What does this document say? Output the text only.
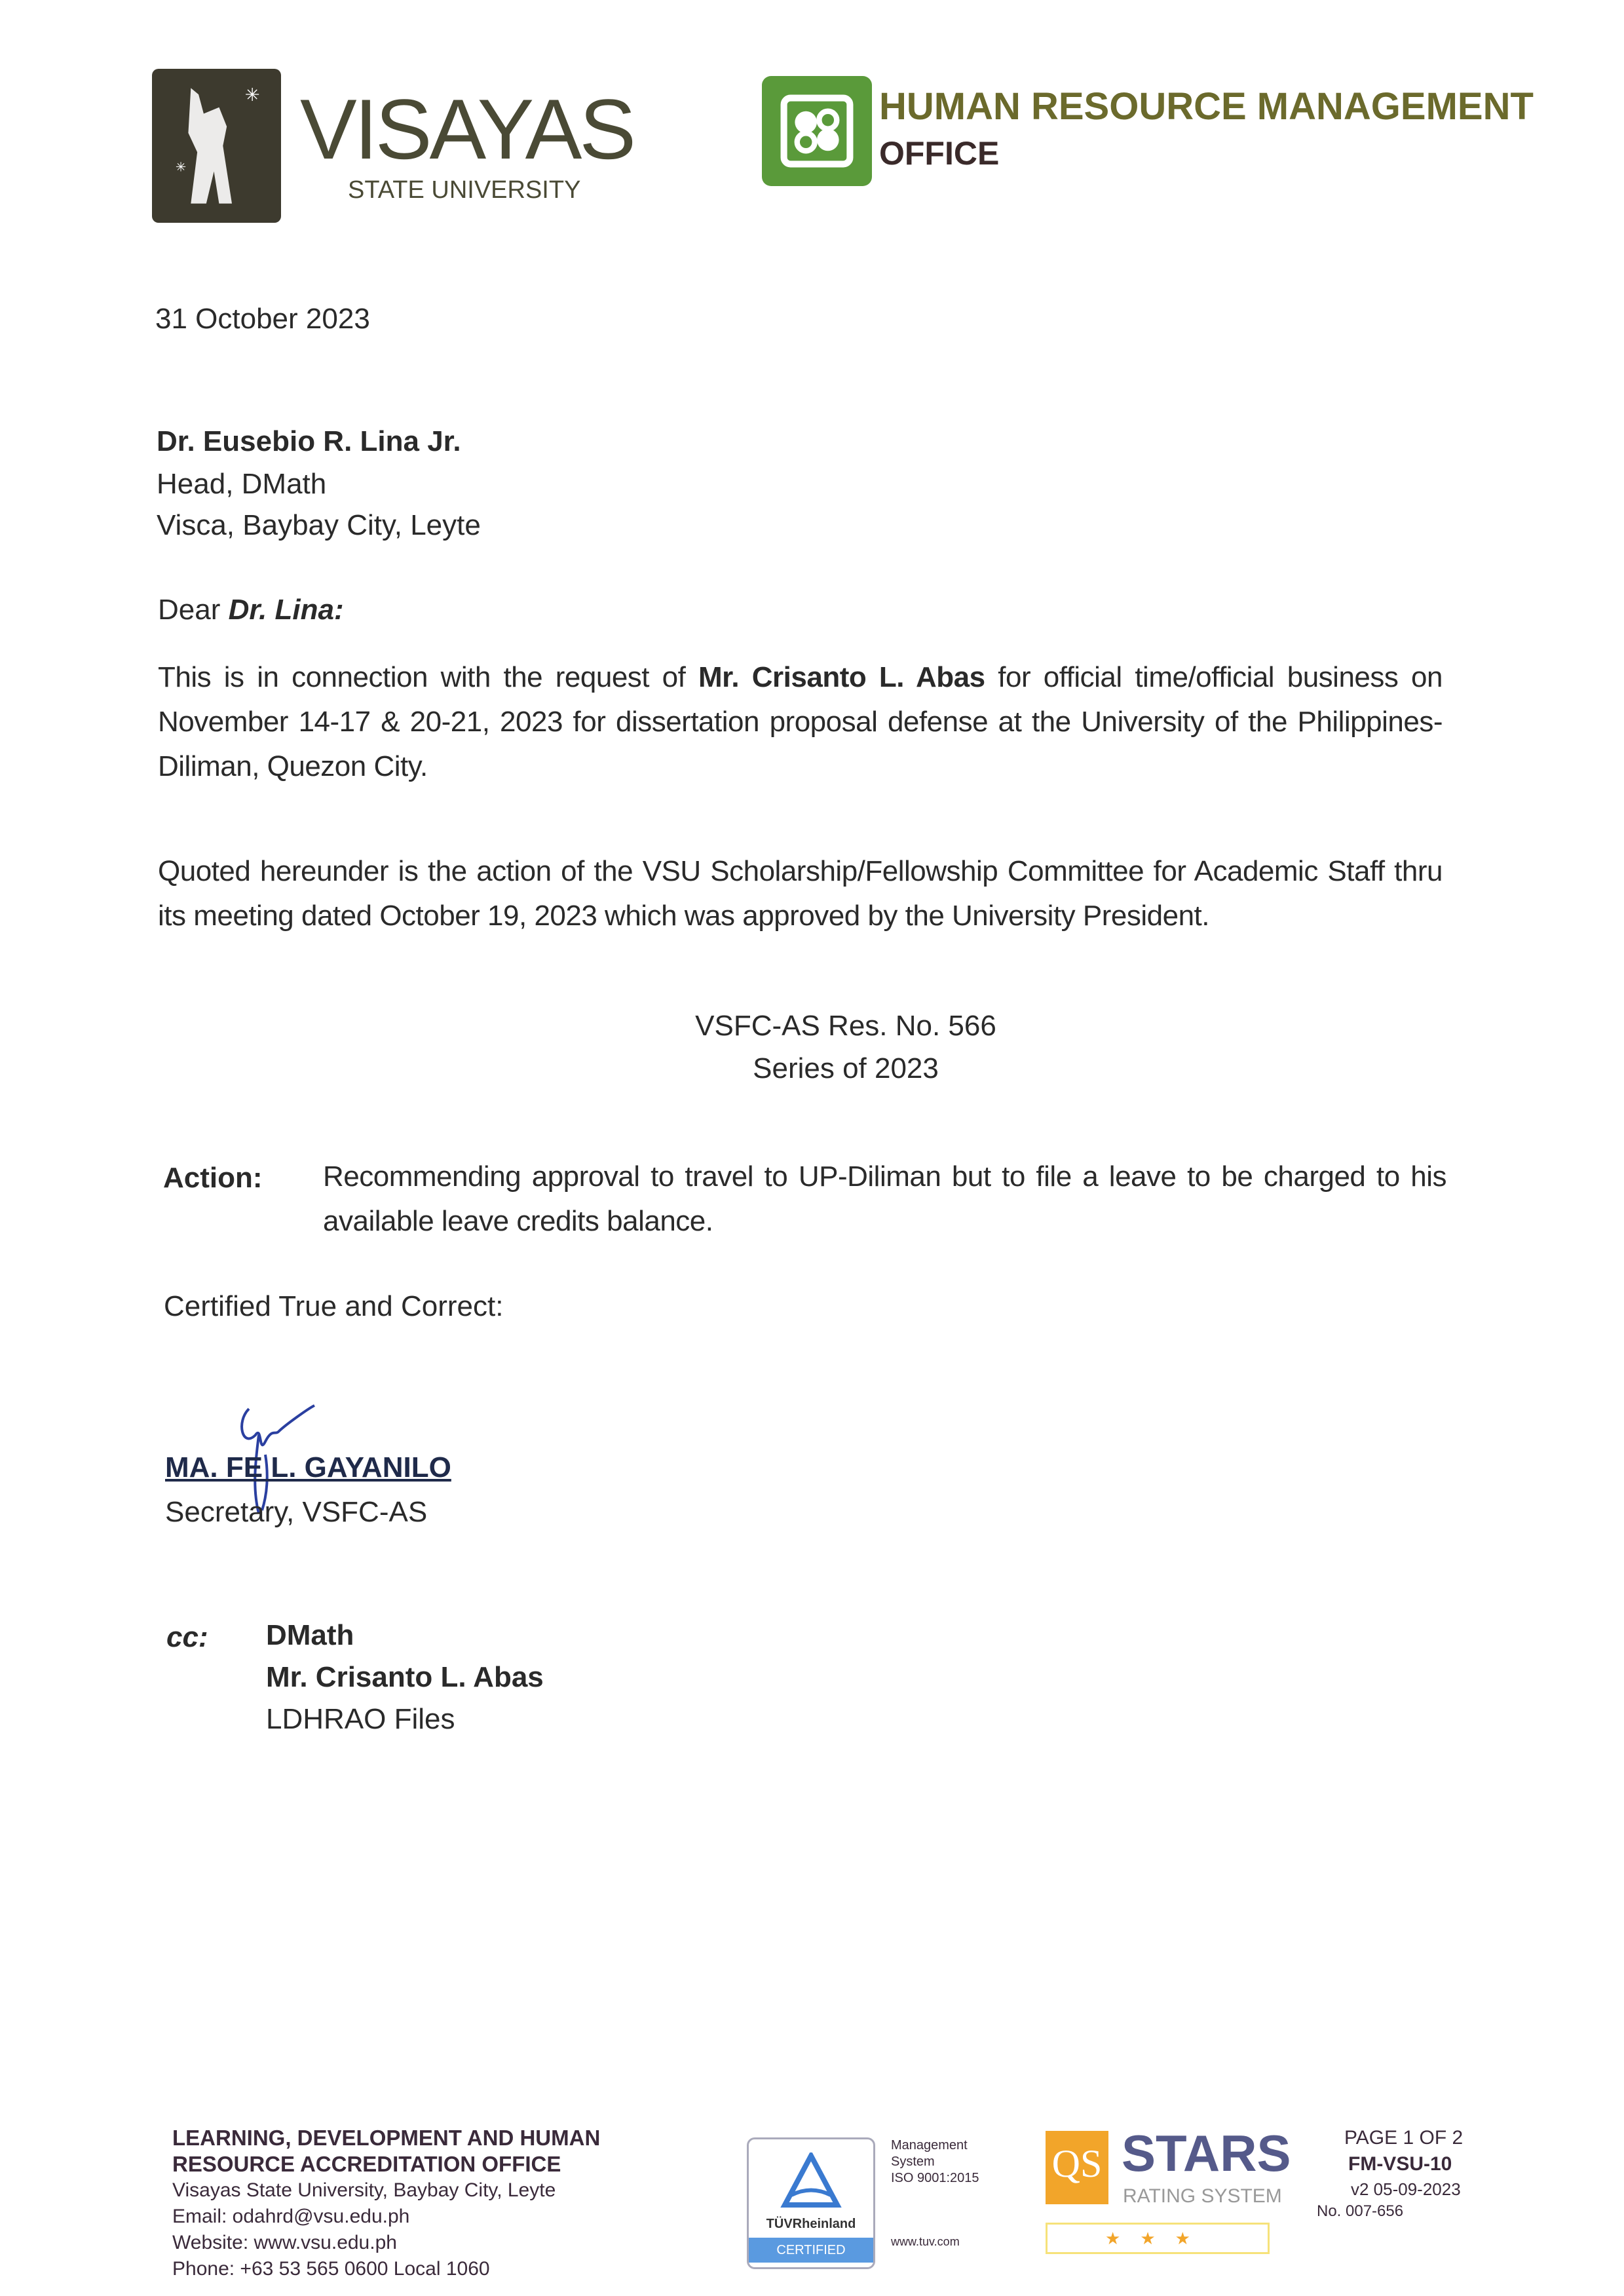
✳
✳ VISAYAS
STATE UNIVERSITY
HUMAN RESOURCE MANAGEMENT
OFFICE
31 October 2023
Dr. Eusebio R. Lina Jr.
Head, DMath
Visca, Baybay City, Leyte
Dear Dr. Lina:
This is in connection with the request of Mr. Crisanto L. Abas for official time/official business on November 14-17 & 20-21, 2023 for dissertation proposal defense at the University of the Philippines-Diliman, Quezon City.
Quoted hereunder is the action of the VSU Scholarship/Fellowship Committee for Academic Staff thru its meeting dated October 19, 2023 which was approved by the University President.
VSFC-AS Res. No. 566
Series of 2023
Action: Recommending approval to travel to UP-Diliman but to file a leave to be charged to his available leave credits balance.
Certified True and Correct:
MA. FE L. GAYANILO
Secretary, VSFC-AS
cc: DMath
Mr. Crisanto L. Abas
LDHRAO Files
LEARNING, DEVELOPMENT AND HUMAN
RESOURCE ACCREDITATION OFFICE
Visayas State University, Baybay City, Leyte
Email: odahrd@vsu.edu.ph
Website: www.vsu.edu.ph
Phone: +63 53 565 0600 Local 1060
TÜVRheinland
CERTIFIED
Management
System
ISO 9001:2015
www.tuv.com
QS STARS
RATING SYSTEM
★★★
PAGE 1 OF 2
FM-VSU-10
v2 05-09-2023
No. 007-656
